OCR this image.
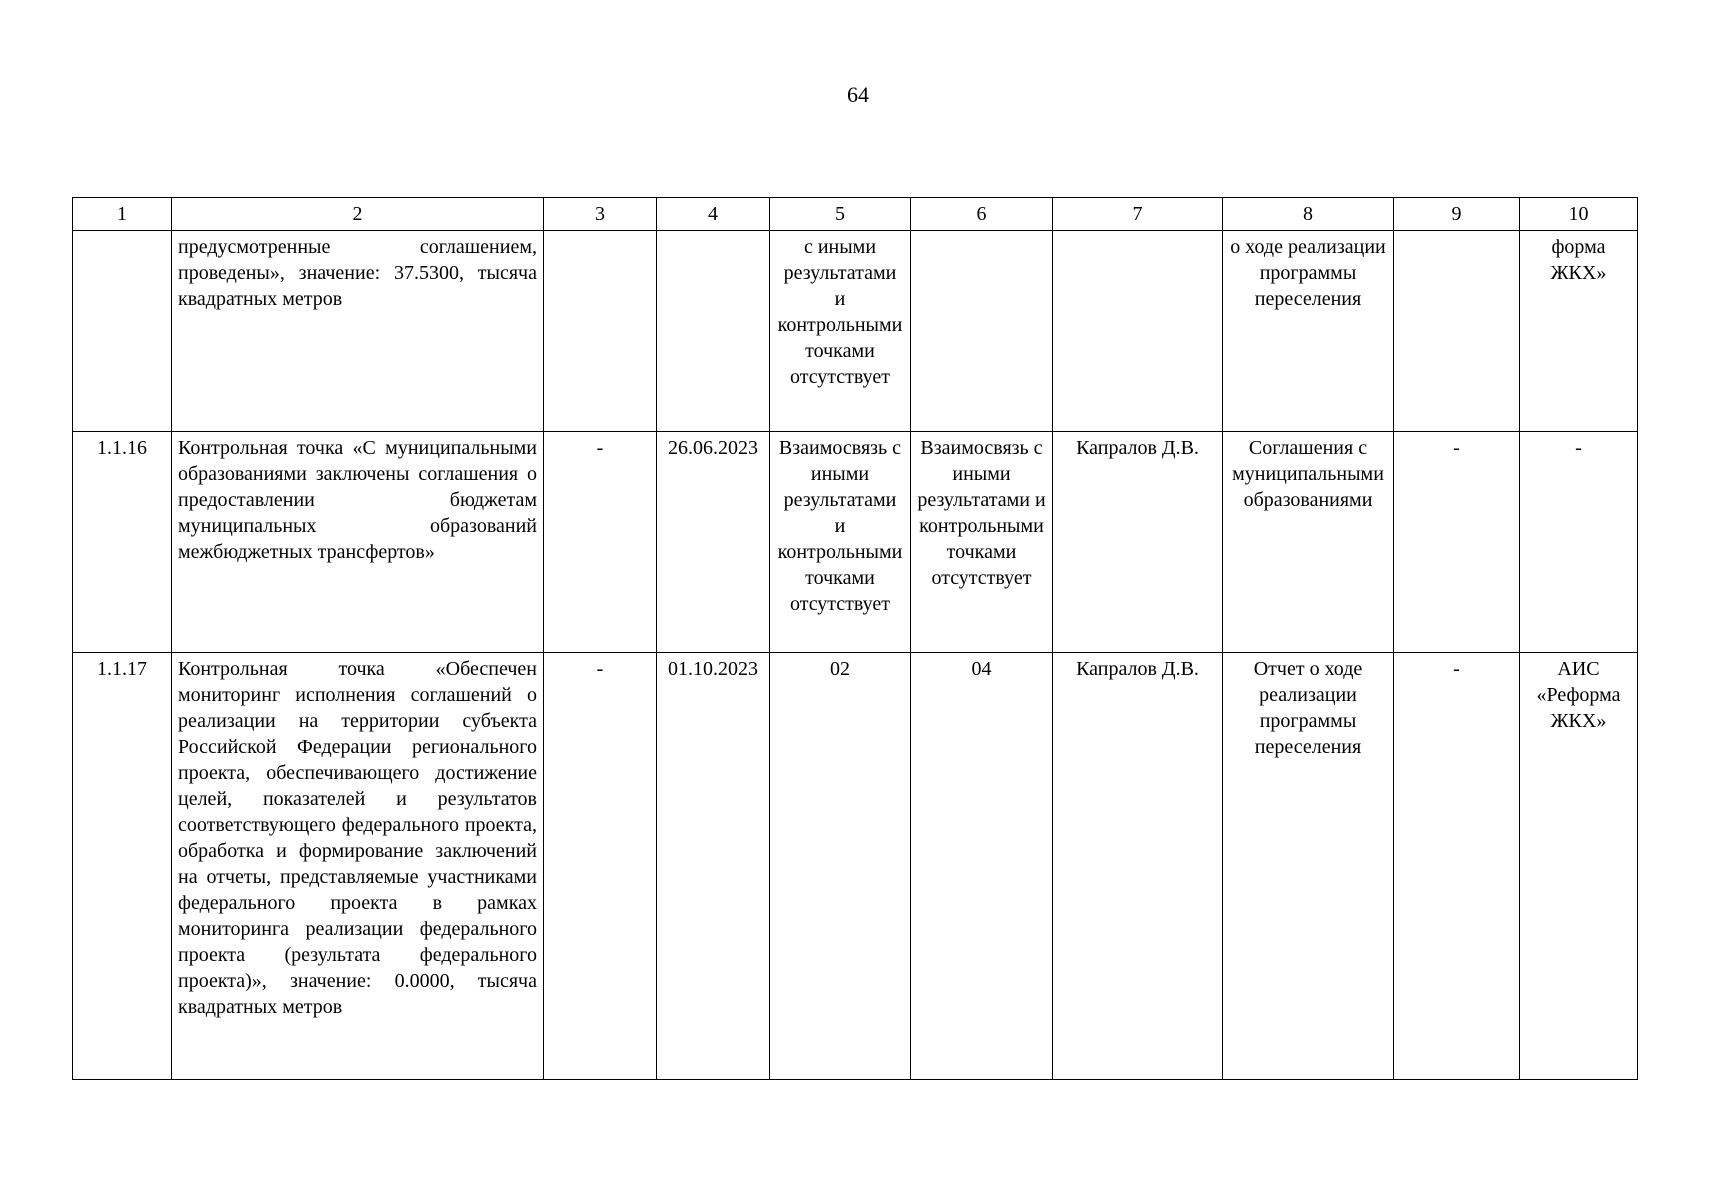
64
1	2	3	4	5	6	7	8	9	10
	предусмотренные соглашением, проведены», значение: 37.5300, тысяча квадратных метров			с иными результатами и контрольными точками отсутствует			о ходе реализации программы переселения		форма ЖКХ»
1.1.16	Контрольная точка «С муниципальными образованиями заключены соглашения о предоставлении бюджетам муниципальных образований межбюджетных трансфертов»	-	26.06.2023	Взаимосвязь с иными результатами и контрольными точками отсутствует	Взаимосвязь с иными результатами и контрольными точками отсутствует	Капралов Д.В.	Соглашения с муниципальными образованиями	-	-
1.1.17	Контрольная точка «Обеспечен мониторинг исполнения соглашений о реализации на территории субъекта Российской Федерации регионального проекта, обеспечивающего достижение целей, показателей и результатов соответствующего федерального проекта, обработка и формирование заключений на отчеты, представляемые участниками федерального проекта в рамках мониторинга реализации федерального проекта (результата федерального проекта)», значение: 0.0000, тысяча квадратных метров	-	01.10.2023	02	04	Капралов Д.В.	Отчет о ходе реализации программы переселения	-	АИС «Реформа ЖКХ»
